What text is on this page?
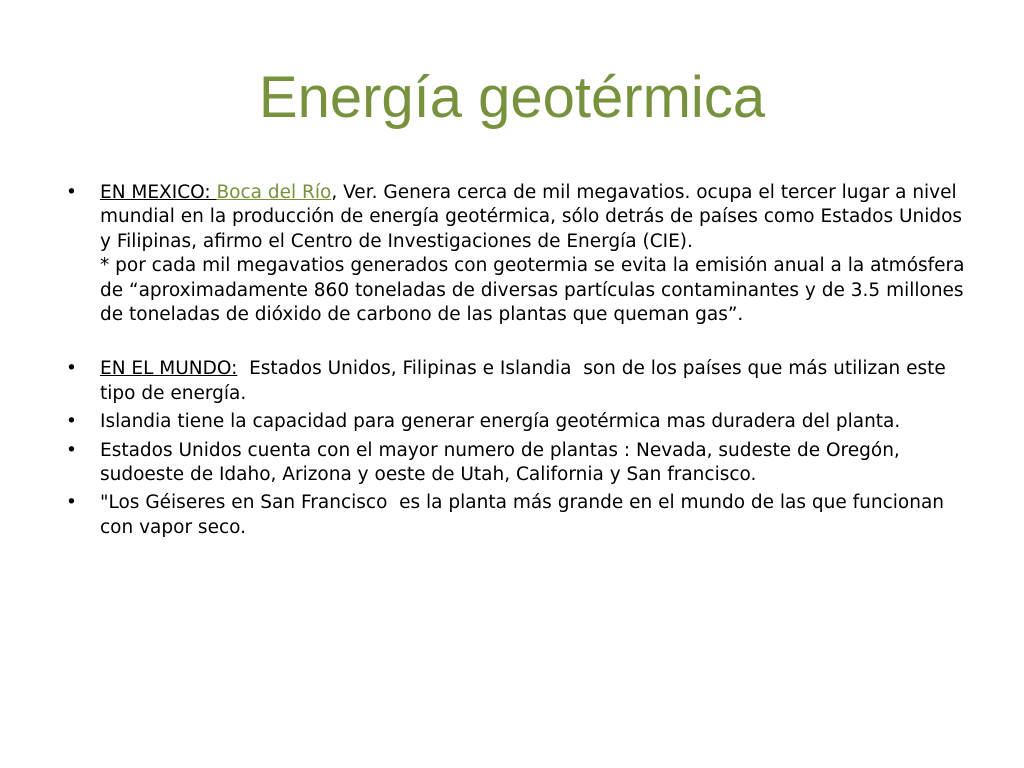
Energía geotérmica
•	EN MEXICO: Boca del Río, Ver. Genera cerca de mil megavatios. ocupa el tercer lugar a nivel mundial en la producción de energía geotérmica, sólo detrás de países como Estados Unidos y Filipinas, afirmo el Centro de Investigaciones de Energía (CIE).
* por cada mil megavatios generados con geotermia se evita la emisión anual a la atmósfera de “aproximadamente 860 toneladas de diversas partículas contaminantes y de 3.5 millones de toneladas de dióxido de carbono de las plantas que queman gas”.
•	EN EL MUNDO:  Estados Unidos, Filipinas e Islandia  son de los países que más utilizan este tipo de energía.
•	Islandia tiene la capacidad para generar energía geotérmica mas duradera del planta.
•	Estados Unidos cuenta con el mayor numero de plantas : Nevada, sudeste de Oregón, sudoeste de Idaho, Arizona y oeste de Utah, California y San francisco.
•	"Los Géiseres en San Francisco  es la planta más grande en el mundo de las que funcionan con vapor seco.
